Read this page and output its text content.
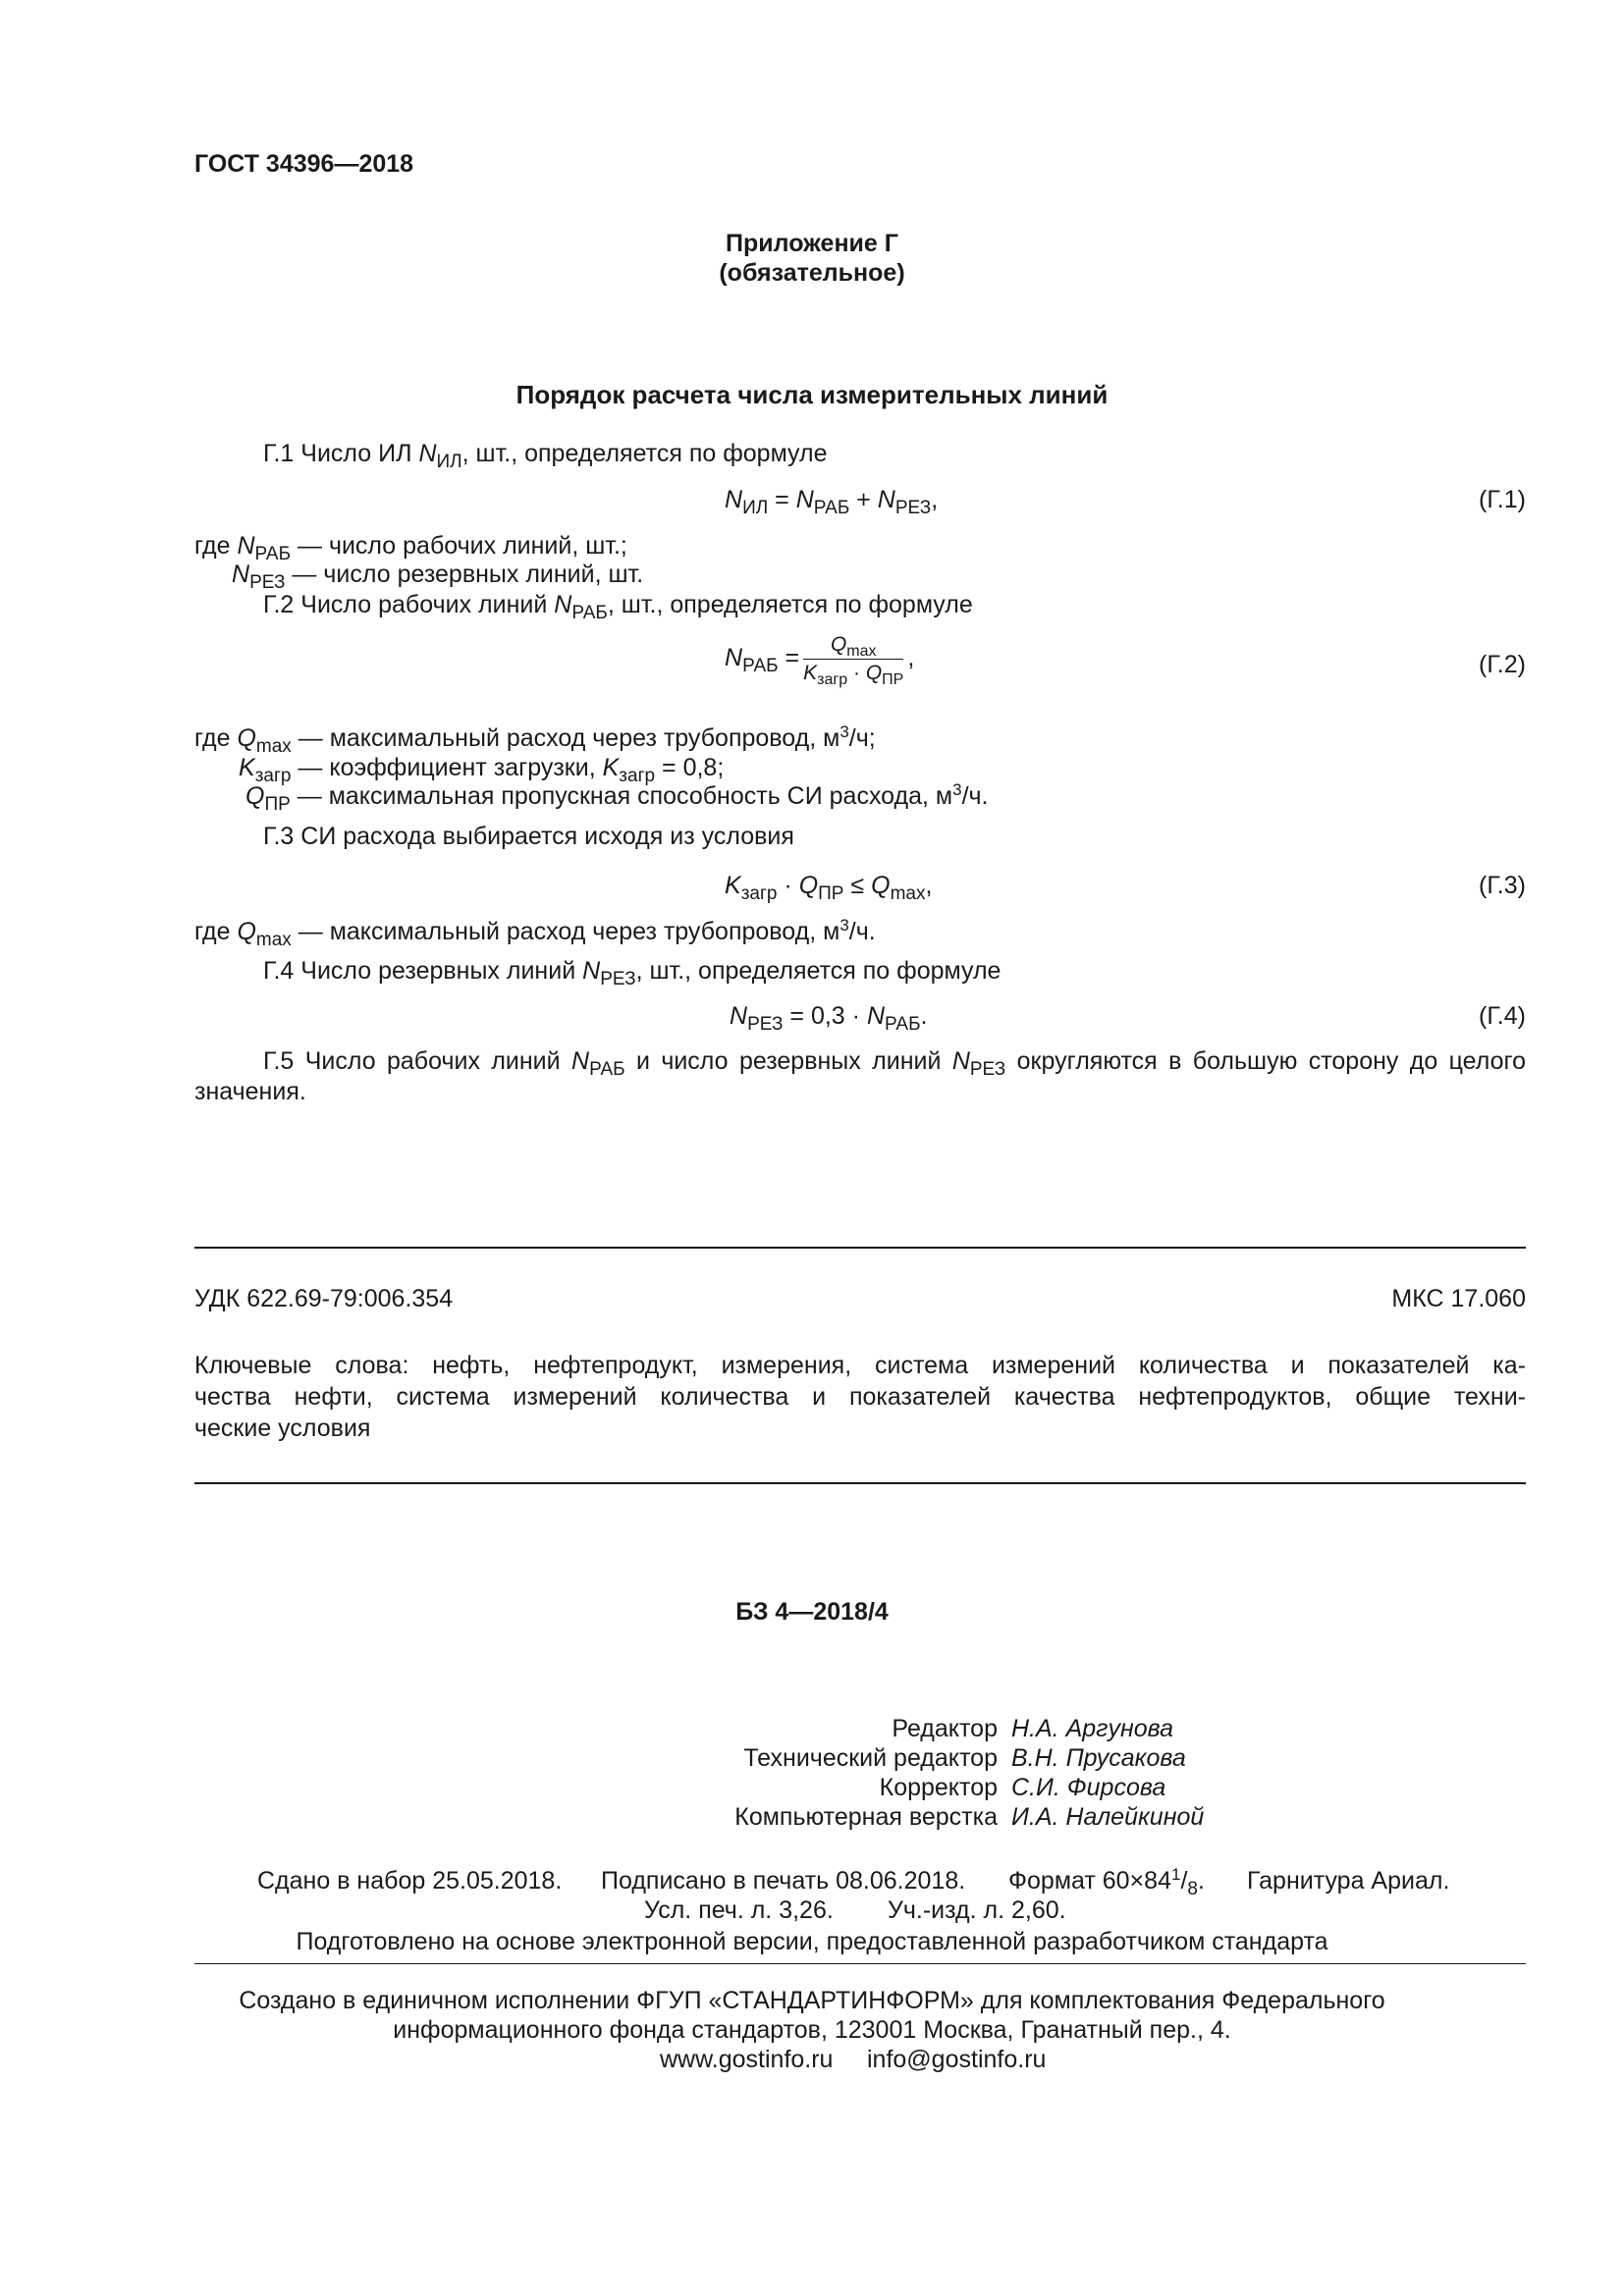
ГОСТ 34396—2018
Приложение Г
(обязательное)
Порядок расчета числа измерительных линий
Г.1 Число ИЛ $N_{ИЛ}$, шт., определяется по формуле
$N_{ИЛ} = N_{РАБ} + N_{РЕЗ}$,	(Г.1)
где $N_{РАБ}$ — число рабочих линий, шт.;
$N_{РЕЗ}$ — число резервных линий, шт.
Г.2 Число рабочих линий $N_{РАБ}$, шт., определяется по формуле
$N_{РАБ} = \frac{Q_{max}}{K_{загр} \cdot Q_{ПР}}$ ,	(Г.2)
где $Q_{max}$ — максимальный расход через трубопровод, $м^3/ч$;
$K_{загр}$ — коэффициент загрузки, $K_{загр} = 0,8$;
$Q_{ПР}$ — максимальная пропускная способность СИ расхода, $м^3/ч$.
Г.3 СИ расхода выбирается исходя из условия
$K_{загр} \cdot Q_{ПР} \le Q_{max}$,	(Г.3)
где $Q_{max}$ — максимальный расход через трубопровод, $м^3/ч$.
Г.4 Число резервных линий $N_{РЕЗ}$, шт., определяется по формуле
$N_{РЕЗ} = 0,3 \cdot N_{РАБ}$.	(Г.4)
Г.5 Число рабочих линий $N_{РАБ}$ и число резервных линий $N_{РЕЗ}$ округляются в большую сторону до целого
значения.
УДК 622.69-79:006.354	МКС 17.060
Ключевые слова: нефть, нефтепродукт, измерения, система измерений количества и показателей ка-
чества нефти, система измерений количества и показателей качества нефтепродуктов, общие техни-
ческие условия
БЗ 4—2018/4
Редактор Н.А. Аргунова
Технический редактор В.Н. Прусакова
Корректор С.И. Фирсова
Компьютерная верстка И.А. Налейкиной
Сдано в набор 25.05.2018. Подписано в печать 08.06.2018. Формат $60\times 84^1/_8$. Гарнитура Ариал.
Усл. печ. л. 3,26. Уч.-изд. л. 2,60.
Подготовлено на основе электронной версии, предоставленной разработчиком стандарта
Создано в единичном исполнении ФГУП «СТАНДАРТИНФОРМ» для комплектования Федерального
информационного фонда стандартов, 123001 Москва, Гранатный пер., 4.
www.gostinfo.ru info@gostinfo.ru
